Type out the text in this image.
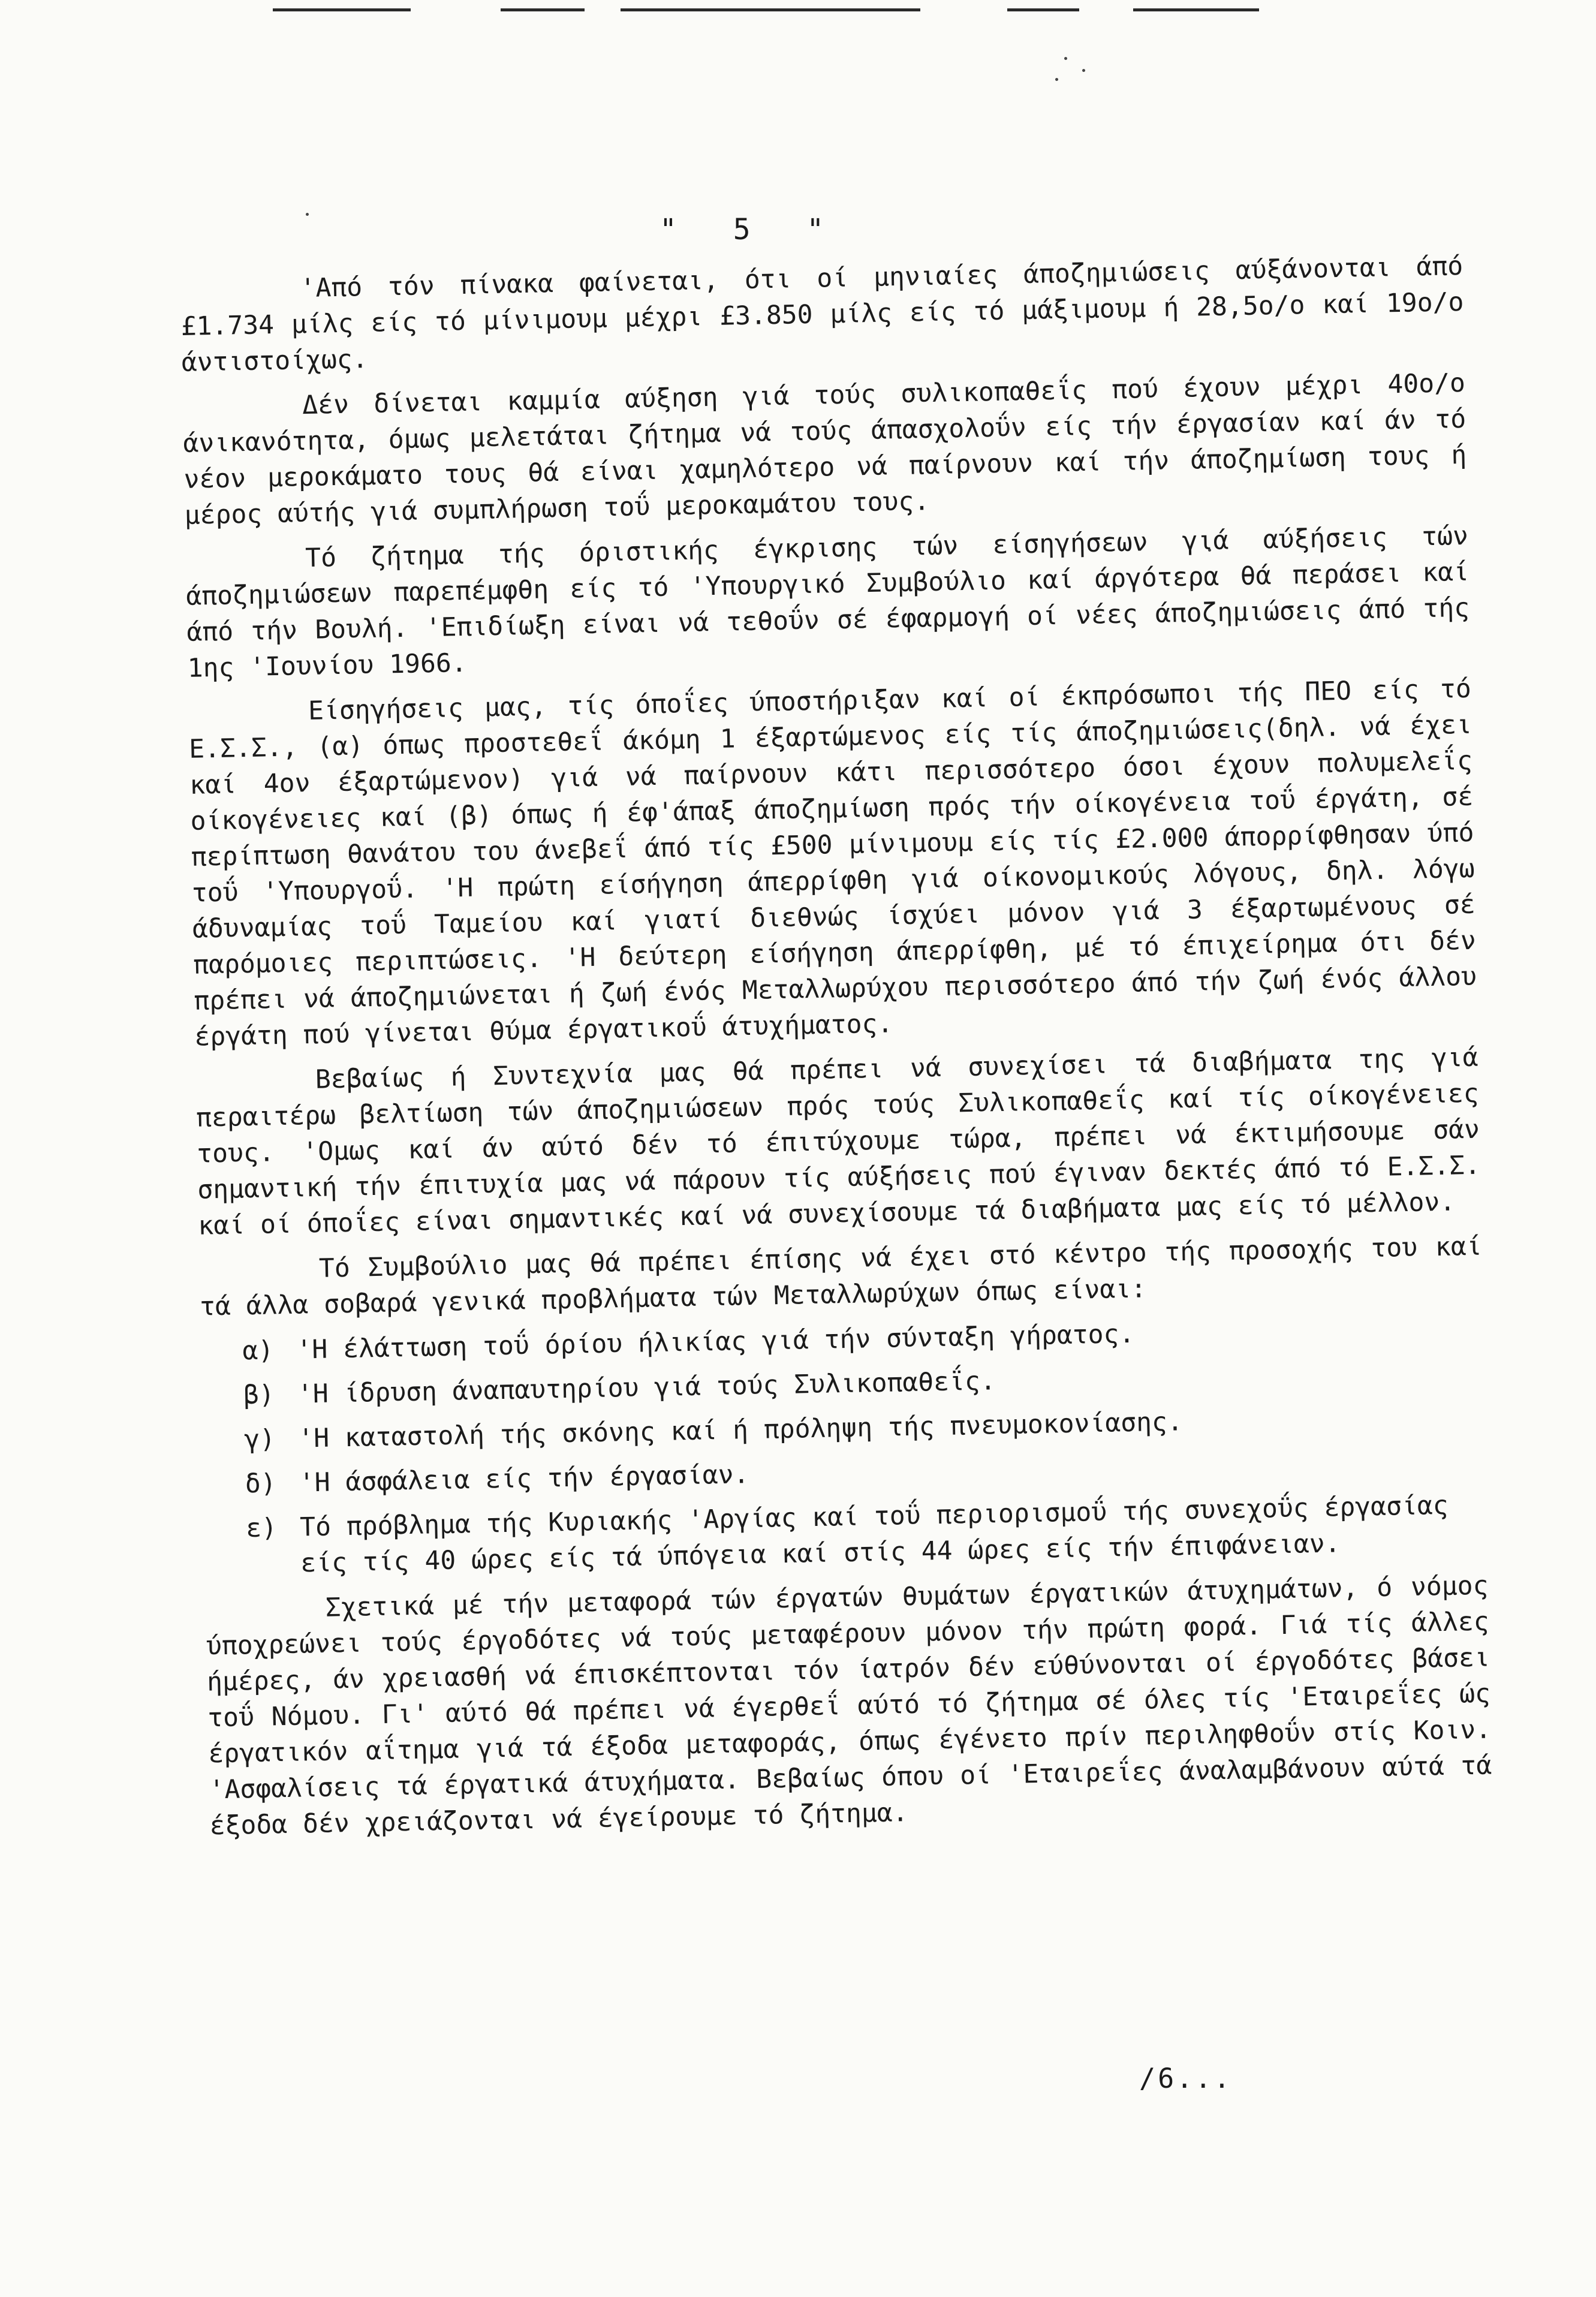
"  5  "

'Από τόν πίνακα φαίνεται, ότι οί μηνιαίες άποζημιώσεις αύξάνονται άπό £1.734 μίλς είς τό μίνιμουμ μέχρι £3.850 μίλς είς τό μάξιμουμ ή 28,5ο/ο καί 19ο/ο άντιστοίχως.

Δέν δίνεται καμμία αύξηση γιά τούς συλικοπαθεΐς πού έχουν μέχρι 40ο/ο άνικανότητα, όμως μελετάται ζήτημα νά τούς άπασχολοΰν είς τήν έργασίαν καί άν τό νέον μεροκάματο τους θά είναι χαμηλότερο νά παίρνουν καί τήν άποζημίωση τους ή μέρος αύτής γιά συμπλήρωση τοΰ μεροκαμάτου τους.

Τό ζήτημα τής όριστικής έγκρισης τών είσηγήσεων γιά αύξήσεις τών άποζημιώσεων παρεπέμφθη είς τό 'Υπουργικό Συμβούλιο καί άργότερα θά περάσει καί άπό τήν Βουλή. 'Επιδίωξη είναι νά τεθοΰν σέ έφαρμογή οί νέες άποζημιώσεις άπό τής 1ης 'Ιουνίου 1966.

Είσηγήσεις μας, τίς όποΐες ύποστήριξαν καί οί έκπρόσωποι τής ΠΕΟ είς τό Ε.Σ.Σ., (α) όπως προστεθεΐ άκόμη 1 έξαρτώμενος είς τίς άποζημιώσεις(δηλ. νά έχει καί 4ον έξαρτώμενον) γιά νά παίρνουν κάτι περισσότερο όσοι έχουν πολυμελεΐς οίκογένειες καί (β) όπως ή έφ'άπαξ άποζημίωση πρός τήν οίκογένεια τοΰ έργάτη, σέ περίπτωση θανάτου του άνεβεΐ άπό τίς £500 μίνιμουμ είς τίς £2.000 άπορρίφθησαν ύπό τοΰ 'Υπουργοΰ. 'Η πρώτη είσήγηση άπερρίφθη γιά οίκονομικούς λόγους, δηλ. λόγω άδυναμίας τοΰ Ταμείου καί γιατί διεθνώς ίσχύει μόνον γιά 3 έξαρτωμένους σέ παρόμοιες περιπτώσεις. 'Η δεύτερη είσήγηση άπερρίφθη, μέ τό έπιχείρημα ότι δέν πρέπει νά άποζημιώνεται ή ζωή ένός Μεταλλωρύχου περισσότερο άπό τήν ζωή ένός άλλου έργάτη πού γίνεται θύμα έργατικοΰ άτυχήματος.

Βεβαίως ή Συντεχνία μας θά πρέπει νά συνεχίσει τά διαβήματα της γιά περαιτέρω βελτίωση τών άποζημιώσεων πρός τούς Συλικοπαθεΐς καί τίς οίκογένειες τους. 'Ομως καί άν αύτό δέν τό έπιτύχουμε τώρα, πρέπει νά έκτιμήσουμε σάν σημαντική τήν έπιτυχία μας νά πάρουν τίς αύξήσεις πού έγιναν δεκτές άπό τό Ε.Σ.Σ. καί οί όποΐες είναι σημαντικές καί νά συνεχίσουμε τά διαβήματα μας είς τό μέλλον.

Τό Συμβούλιο μας θά πρέπει έπίσης νά έχει στό κέντρο τής προσοχής του καί τά άλλα σοβαρά γενικά προβλήματα τών Μεταλλωρύχων όπως είναι:

α) 'Η έλάττωση τοΰ όρίου ήλικίας γιά τήν σύνταξη γήρατος.
β) 'Η ίδρυση άναπαυτηρίου γιά τούς Συλικοπαθεΐς.
γ) 'Η καταστολή τής σκόνης καί ή πρόληψη τής πνευμοκονίασης.
δ) 'Η άσφάλεια είς τήν έργασίαν.
ε) Τό πρόβλημα τής Κυριακής 'Αργίας καί τοΰ περιορισμοΰ τής συνεχοΰς έργασίας είς τίς 40 ώρες είς τά ύπόγεια καί στίς 44 ώρες είς τήν έπιφάνειαν.

Σχετικά μέ τήν μεταφορά τών έργατών θυμάτων έργατικών άτυχημάτων, ό νόμος ύποχρεώνει τούς έργοδότες νά τούς μεταφέρουν μόνον τήν πρώτη φορά. Γιά τίς άλλες ήμέρες, άν χρειασθή νά έπισκέπτονται τόν ίατρόν δέν εύθύνονται οί έργοδότες βάσει τοΰ Νόμου. Γι' αύτό θά πρέπει νά έγερθεΐ αύτό τό ζήτημα σέ όλες τίς 'Εταιρεΐες ώς έργατικόν αΐτημα γιά τά έξοδα μεταφοράς, όπως έγένετο πρίν περιληφθοΰν στίς Κοιν. 'Ασφαλίσεις τά έργατικά άτυχήματα. Βεβαίως όπου οί 'Εταιρεΐες άναλαμβάνουν αύτά τά έξοδα δέν χρειάζονται νά έγείρουμε τό ζήτημα.

/6...
